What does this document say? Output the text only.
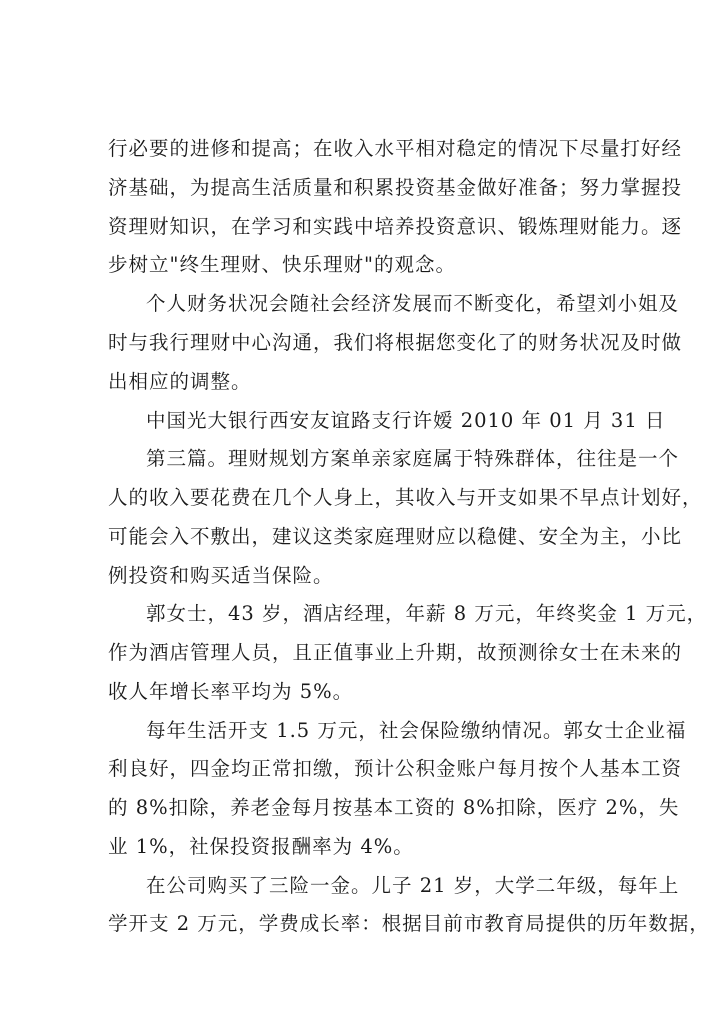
行必要的进修和提高；在收入水平相对稳定的情况下尽量打好经
济基础，为提高生活质量和积累投资基金做好准备；努力掌握投
资理财知识，在学习和实践中培养投资意识、锻炼理财能力。逐
步树立"终生理财、快乐理财"的观念。
个人财务状况会随社会经济发展而不断变化，希望刘小姐及
时与我行理财中心沟通，我们将根据您变化了的财务状况及时做
出相应的调整。
中国光大银行西安友谊路支行许嫒 2010 年 01 月 31 日
第三篇。理财规划方案单亲家庭属于特殊群体，往往是一个
人的收入要花费在几个人身上，其收入与开支如果不早点计划好，
可能会入不敷出，建议这类家庭理财应以稳健、安全为主，小比
例投资和购买适当保险。
郭女士，43 岁，酒店经理，年薪 8 万元，年终奖金 1 万元，
作为酒店管理人员，且正值事业上升期，故预测徐女士在未来的
收人年增长率平均为 5%。
每年生活开支 1.5 万元，社会保险缴纳情况。郭女士企业福
利良好，四金均正常扣缴，预计公积金账户每月按个人基本工资
的 8%扣除，养老金每月按基本工资的 8%扣除，医疗 2%，失
业 1%，社保投资报酬率为 4%。
在公司购买了三险一金。儿子 21 岁，大学二年级，每年上
学开支 2 万元，学费成长率：根据目前市教育局提供的历年数据，
